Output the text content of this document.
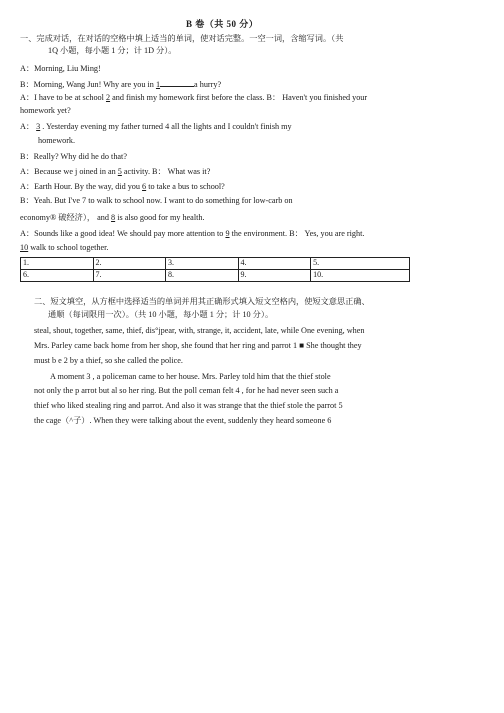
B 卷（共 50 分）
一、完成对话，在对话的空格中填上适当的单词，使对话完整。一空一词，含缩写词。（共
1Q 小题，每小题 1 分；计 1D 分）。
A：Morning, Liu Ming!
B：Morning, Wang Jun! Why are you in 1	a hurry?
A：I have to be at school 2 and finish my homework first before the class. B： Haven't you finished your
homework yet?
A： 3 . Yesterday evening my father turned 4 all the lights and I couldn't finish my
homework.
B：Really? Why did he do that?
A：Because we j oined in an 5 activity. B： What was it?
A：Earth Hour. By the way, did you 6 to take a bus to school?
B：Yeah. But I've 7 to walk to school now. I want to do something for low-carb on
economy® 破经济）， and 8 is also good for my health.
A：Sounds like a good idea! We should pay more attention to 9 the environment. B： Yes, you are right.
10 walk to school together.
1.	2.	3.	4.	5.
6.	7.	8.	9.	10.
二、短文填空，从方框中选择适当的单词并用其正确形式填入短文空格内，使短文意思正确、
通顺（每词限用一次）。（共 10 小题，每小题 1 分；计 10 分）。
steal, shout, together, same, thief, dis°jpear, with, strange, it, accident, late, while One evening, when
Mrs. Parley came back home from her shop, she found that her ring and parrot 1 ■ She thought they
must b e 2 by a thief, so she called the police.
A moment 3 , a policeman came to her house. Mrs. Parley told him that the thief stole
not only the p arrot but al so her ring. But the poll ceman felt 4 , for he had never seen such a
thief who liked stealing ring and parrot. And also it was strange that the thief stole the parrot 5
the cage（^子）. When they were talking about the event, suddenly they heard someone 6
